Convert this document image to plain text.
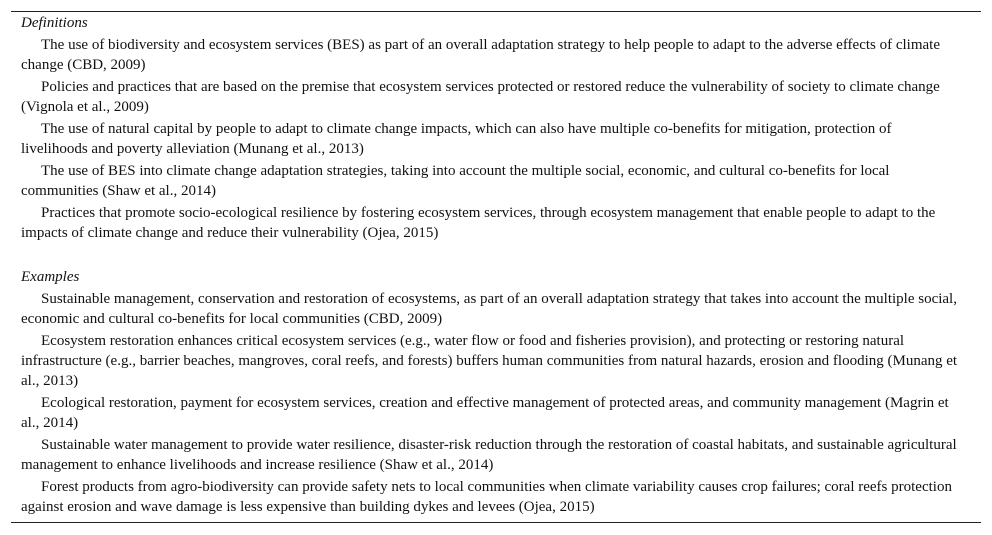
Definitions

The use of biodiversity and ecosystem services (BES) as part of an overall adaptation strategy to help people to adapt to the adverse effects of climate change (CBD, 2009)

Policies and practices that are based on the premise that ecosystem services protected or restored reduce the vulnerability of society to climate change (Vignola et al., 2009)

The use of natural capital by people to adapt to climate change impacts, which can also have multiple co-benefits for mitigation, protection of livelihoods and poverty alleviation (Munang et al., 2013)

The use of BES into climate change adaptation strategies, taking into account the multiple social, economic, and cultural co-benefits for local communities (Shaw et al., 2014)

Practices that promote socio-ecological resilience by fostering ecosystem services, through ecosystem management that enable people to adapt to the impacts of climate change and reduce their vulnerability (Ojea, 2015)

Examples

Sustainable management, conservation and restoration of ecosystems, as part of an overall adaptation strategy that takes into account the multiple social, economic and cultural co-benefits for local communities (CBD, 2009)

Ecosystem restoration enhances critical ecosystem services (e.g., water flow or food and fisheries provision), and protecting or restoring natural infrastructure (e.g., barrier beaches, mangroves, coral reefs, and forests) buffers human communities from natural hazards, erosion and flooding (Munang et al., 2013)

Ecological restoration, payment for ecosystem services, creation and effective management of protected areas, and community management (Magrin et al., 2014)

Sustainable water management to provide water resilience, disaster-risk reduction through the restoration of coastal habitats, and sustainable agricultural management to enhance livelihoods and increase resilience (Shaw et al., 2014)

Forest products from agro-biodiversity can provide safety nets to local communities when climate variability causes crop failures; coral reefs protection against erosion and wave damage is less expensive than building dykes and levees (Ojea, 2015)
